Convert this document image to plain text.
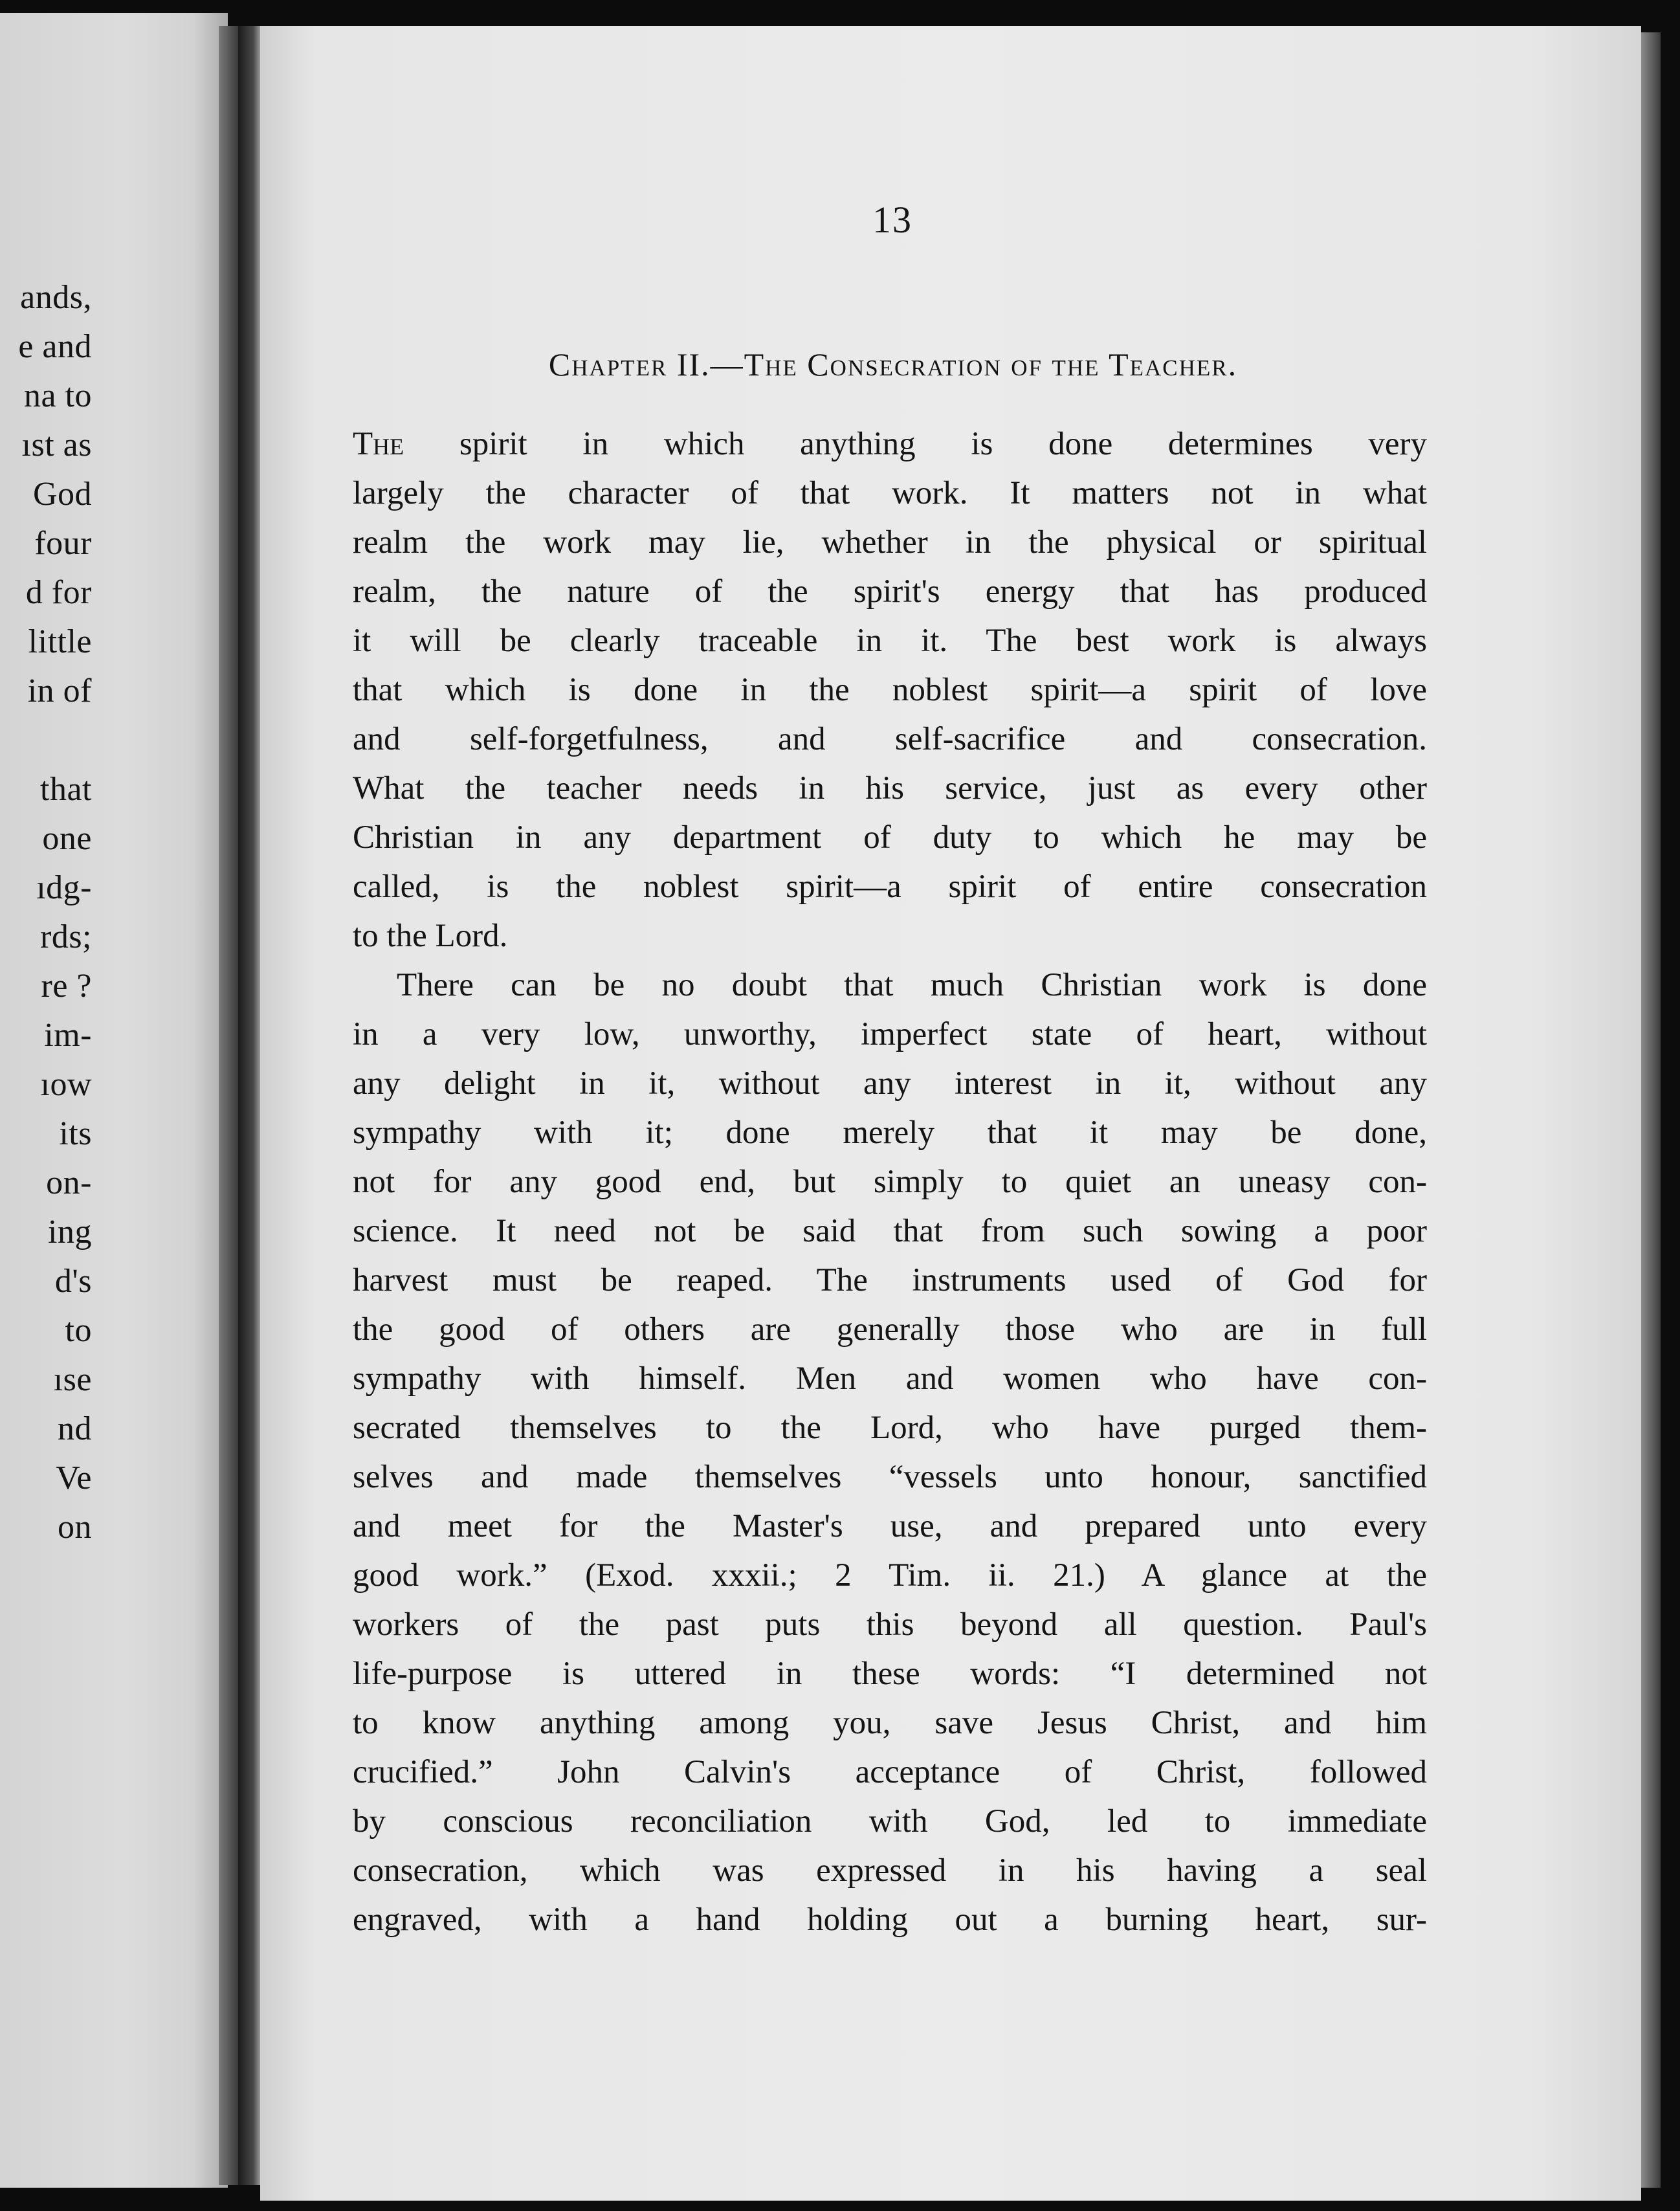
ands,
e and
na to
ıst as
God
four
d for
little
in of
that
one
ıdg-
rds;
re ?
im-
ıow
its
on-
ing
d's
to
ıse
nd
Ve
on
13
Chapter II.—The Consecration of the Teacher.
The spirit in which anything is done determines very
largely the character of that work. It matters not in what
realm the work may lie, whether in the physical or spiritual
realm, the nature of the spirit's energy that has produced
it will be clearly traceable in it. The best work is always
that which is done in the noblest spirit—a spirit of love
and self-forgetfulness, and self-sacrifice and consecration.
What the teacher needs in his service, just as every other
Christian in any department of duty to which he may be
called, is the noblest spirit—a spirit of entire consecration
to the Lord.
There can be no doubt that much Christian work is done
in a very low, unworthy, imperfect state of heart, without
any delight in it, without any interest in it, without any
sympathy with it; done merely that it may be done,
not for any good end, but simply to quiet an uneasy con-
science. It need not be said that from such sowing a poor
harvest must be reaped. The instruments used of God for
the good of others are generally those who are in full
sympathy with himself. Men and women who have con-
secrated themselves to the Lord, who have purged them-
selves and made themselves “vessels unto honour, sanctified
and meet for the Master's use, and prepared unto every
good work.” (Exod. xxxii.; 2 Tim. ii. 21.) A glance at the
workers of the past puts this beyond all question. Paul's
life-purpose is uttered in these words: “I determined not
to know anything among you, save Jesus Christ, and him
crucified.” John Calvin's acceptance of Christ, followed
by conscious reconciliation with God, led to immediate
consecration, which was expressed in his having a seal
engraved, with a hand holding out a burning heart, sur-
